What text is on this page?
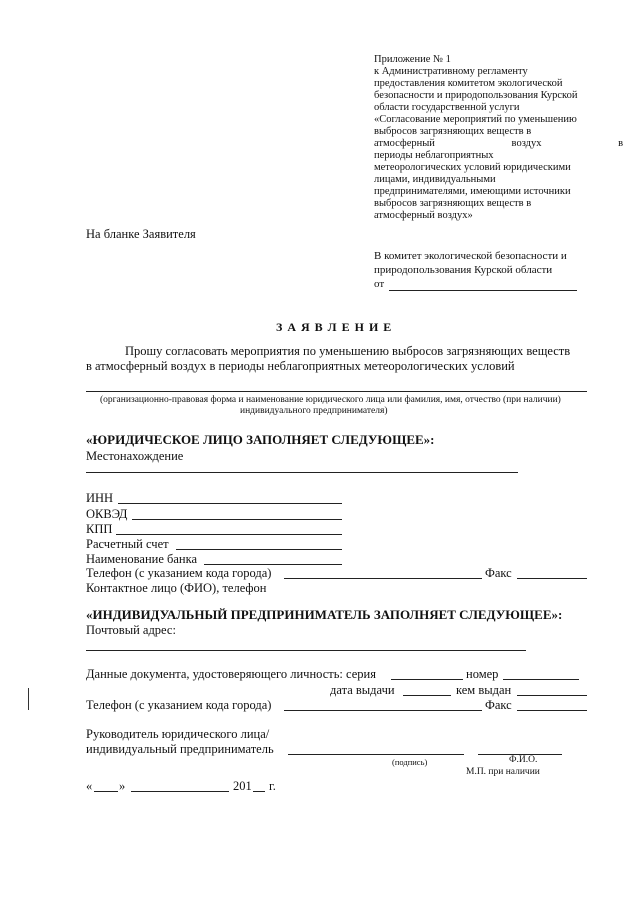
Приложение № 1
к Административному регламенту
предоставления комитетом экологической
безопасности и природопользования Курской
области государственной услуги
«Согласование мероприятий по уменьшению
выбросов загрязняющих веществ в
атмосферный воздух в
периоды неблагоприятных
метеорологических условий юридическими
лицами, индивидуальными
предпринимателями, имеющими источники
выбросов загрязняющих веществ в
атмосферный воздух»
На бланке Заявителя
В комитет экологической безопасности и
природопользования Курской области
от
З А Я В Л Е Н И Е
Прошу согласовать мероприятия по уменьшению выбросов загрязняющих веществ
в атмосферный воздух в периоды неблагоприятных метеорологических условий
(организационно-правовая форма и наименование юридического лица или фамилия, имя, отчество (при наличии)
индивидуального предпринимателя)
«ЮРИДИЧЕСКОЕ ЛИЦО ЗАПОЛНЯЕТ СЛЕДУЮЩЕЕ»:
Местонахождение
ИНН
ОКВЭД
КПП
Расчетный счет
Наименование банка
Телефон (с указанием кода города)	Факс
Контактное лицо (ФИО), телефон
«ИНДИВИДУАЛЬНЫЙ ПРЕДПРИНИМАТЕЛЬ ЗАПОЛНЯЕТ СЛЕДУЮЩЕЕ»:
Почтовый адрес:
Данные документа, удостоверяющего личность: серия	номер
дата выдачи	кем выдан
Телефон (с указанием кода города)	Факс
Руководитель юридического лица/
индивидуальный предприниматель
(подпись)	Ф.И.О.
М.П. при наличии
« »	201 г.
